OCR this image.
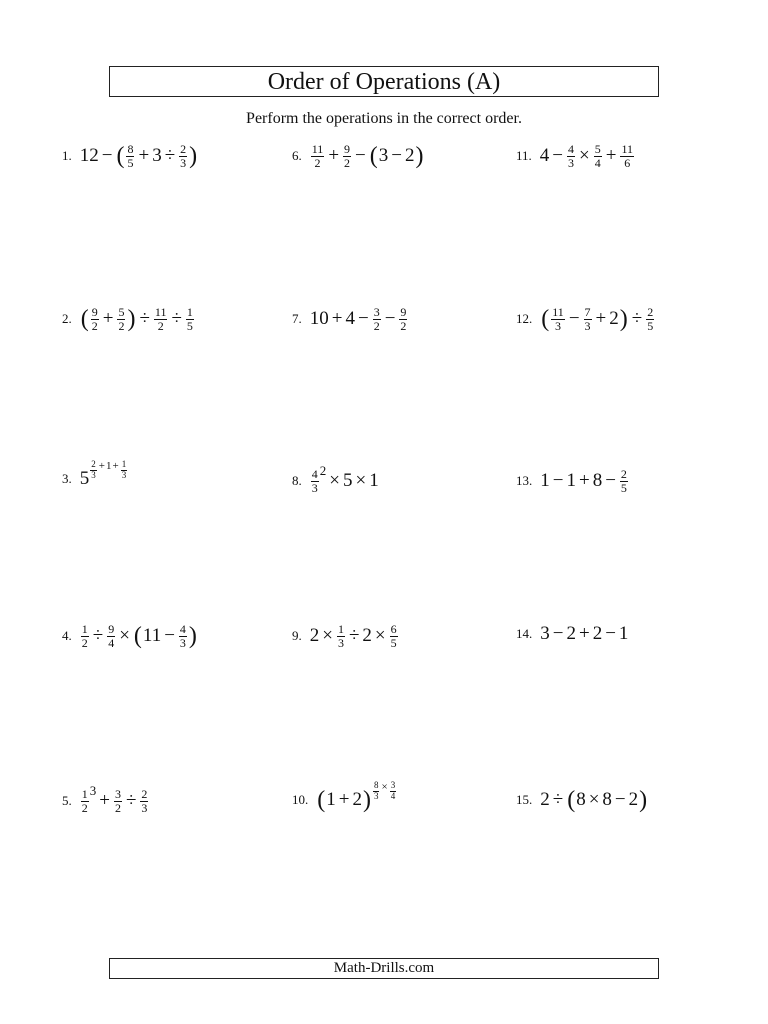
Order of Operations (A)
Perform the operations in the correct order.
1. 12 − ( $\frac{8}{5} + 3 \div \frac{2}{3}$ )
2. ( $\frac{9}{2} + \frac{5}{2}$ ) ÷ $\frac{11}{2} \div \frac{1}{5}$
3. $5 \frac{2}{3} + 1 + \frac{1}{3}$
4. $\frac{1}{2} \div \frac{9}{4}$ × ( $11 - \frac{4}{3}$ )
5. $\frac{1}{2} 3 + \frac{3}{2} \div \frac{2}{3}$
6. $\frac{11}{2} + \frac{9}{2}$ − ( 3 − 2 )
7. $10 + 4 - \frac{3}{2} - \frac{9}{2}$
8. $\frac{4}{3} 2 \times 5 \times 1$
9. $2 \times \frac{1}{3} \div 2 \times \frac{6}{5}$
10. ( 1 + 2 ) $\frac{8}{3} \times \frac{3}{4}$
11. $4 - \frac{4}{3} \times \frac{5}{4} + \frac{11}{6}$
12. ( $\frac{11}{3} - \frac{7}{3} + 2$ ) ÷ $\frac{2}{5}$
13. $1 - 1 + 8 - \frac{2}{5}$
14. 3 − 2 + 2 − 1
15. 2 ÷ ( 8 × 8 − 2 )
Math-Drills.com
